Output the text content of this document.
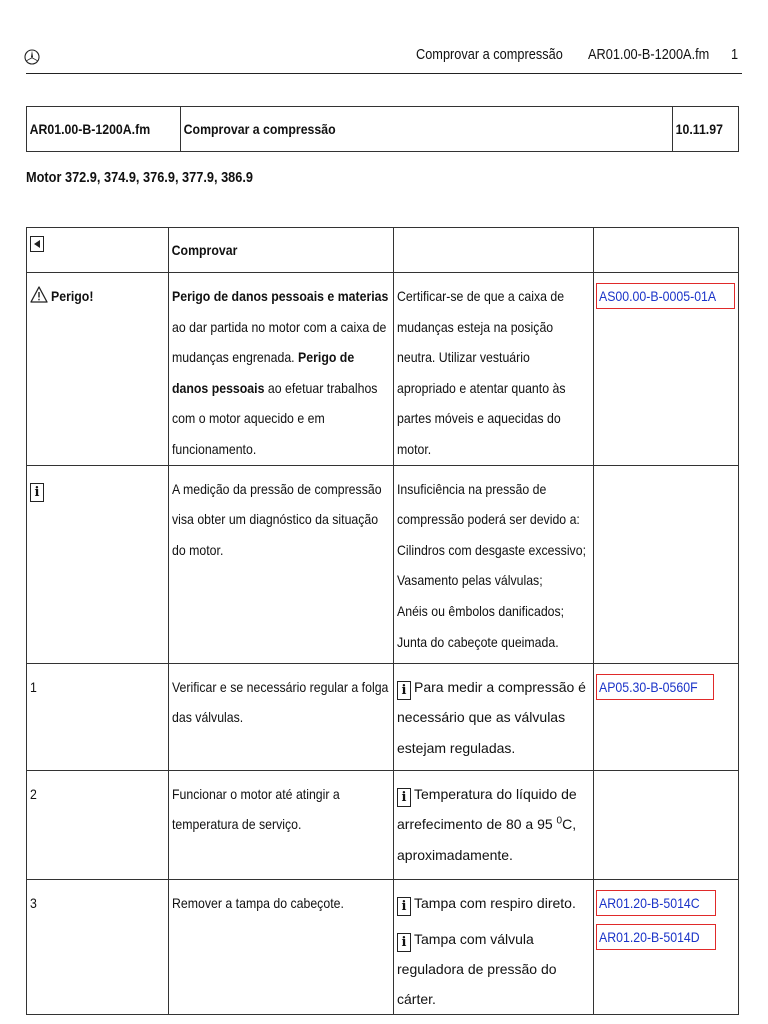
Comprovar a compressão AR01.00-B-1200A.fm 1
AR01.00-B-1200A.fm	Comprovar a compressão	10.11.97
Motor 372.9, 374.9, 376.9, 377.9, 386.9
	Comprovar		

Perigo!	Perigo de danos pessoais e materias ao dar partida no motor com a caixa de mudanças engrenada. Perigo de danos pessoais ao efetuar trabalhos com o motor aquecido e em funcionamento.	Certificar-se de que a caixa de mudanças esteja na posição neutra. Utilizar vestuário apropriado e atentar quanto às partes móveis e aquecidas do motor.	AS00.00-B-0005-01A

i	A medição da pressão de compressão visa obter um diagnóstico da situação do motor.	Insuficiência na pressão de compressão poderá ser devido a:
Cilindros com desgaste excessivo;
Vasamento pelas válvulas;
Anéis ou êmbolos danificados;
Junta do cabeçote queimada.	

1	Verificar e se necessário regular a folga das válvulas.	i Para medir a compressão é necessário que as válvulas estejam reguladas.	AP05.30-B-0560F

2	Funcionar o motor até atingir a temperatura de serviço.	i Temperatura do líquido de arrefecimento de 80 a 95 $^0$C, aproximadamente.	

3	Remover a tampa do cabeçote.	i Tampa com respiro direto.
i Tampa com válvula reguladora de pressão do cárter.	AR01.20-B-5014C
AR01.20-B-5014D
